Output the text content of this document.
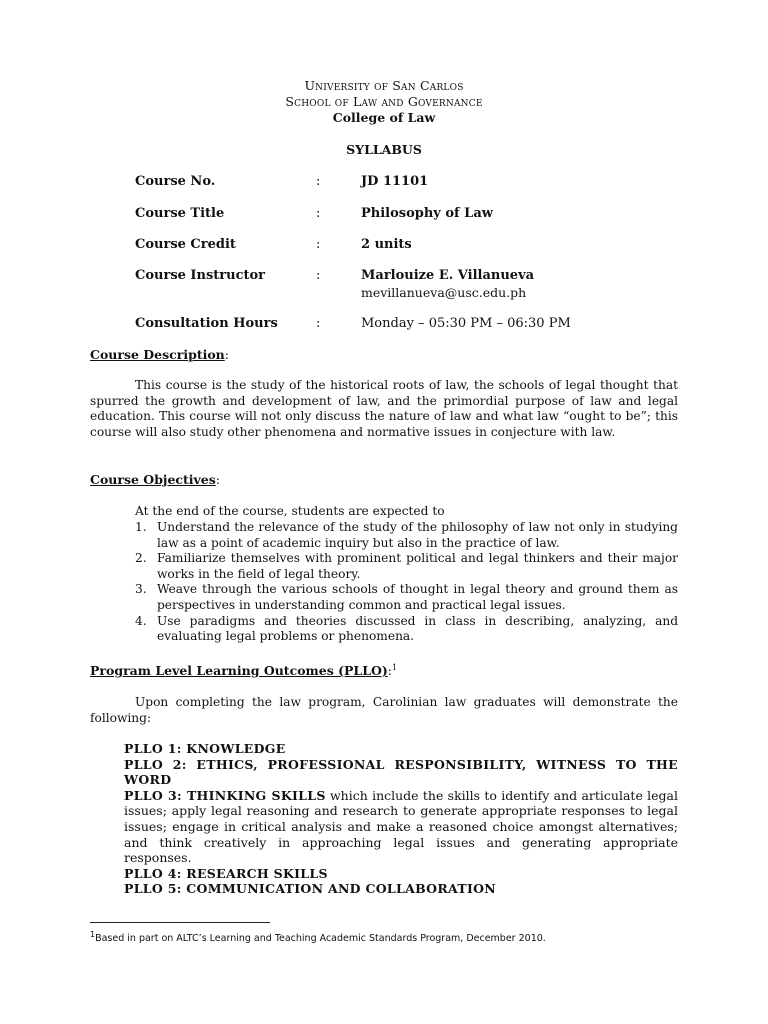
University of San Carlos
School of Law and Governance
College of Law
SYLLABUS
Course No.	:	JD 11101
Course Title	:	Philosophy of Law
Course Credit	:	2 units
Course Instructor	:	Marlouize E. Villanueva
mevillanueva@usc.edu.ph
Consultation Hours	:	Monday – 05:30 PM – 06:30 PM
Course Description:
This course is the study of the historical roots of law, the schools of legal thought that spurred the growth and development of law, and the primordial purpose of law and legal education. This course will not only discuss the nature of law and what law “ought to be”; this course will also study other phenomena and normative issues in conjecture with law.
Course Objectives:
At the end of the course, students are expected to
1. Understand the relevance of the study of the philosophy of law not only in studying law as a point of academic inquiry but also in the practice of law.
2. Familiarize themselves with prominent political and legal thinkers and their major works in the field of legal theory.
3. Weave through the various schools of thought in legal theory and ground them as perspectives in understanding common and practical legal issues.
4. Use paradigms and theories discussed in class in describing, analyzing, and evaluating legal problems or phenomena.
Program Level Learning Outcomes (PLLO):$^1$
Upon completing the law program, Carolinian law graduates will demonstrate the following:
PLLO 1: KNOWLEDGE
PLLO 2: ETHICS, PROFESSIONAL RESPONSIBILITY, WITNESS TO THE WORD
PLLO 3: THINKING SKILLS which include the skills to identify and articulate legal issues; apply legal reasoning and research to generate appropriate responses to legal issues; engage in critical analysis and make a reasoned choice amongst alternatives; and think creatively in approaching legal issues and generating appropriate responses.
PLLO 4: RESEARCH SKILLS
PLLO 5: COMMUNICATION AND COLLABORATION
$^1$Based in part on ALTC’s Learning and Teaching Academic Standards Program, December 2010.
